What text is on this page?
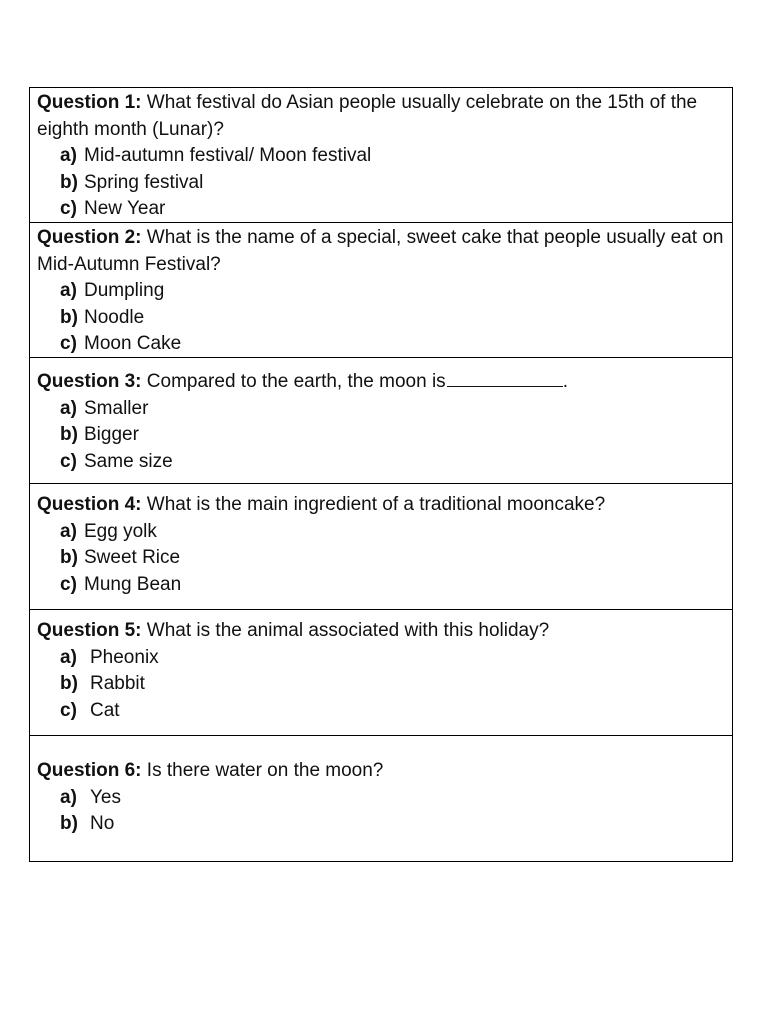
Question 1: What festival do Asian people usually celebrate on the 15th of the eighth month (Lunar)?
a) Mid-autumn festival/ Moon festival
b) Spring festival
c) New Year
Question 2: What is the name of a special, sweet cake that people usually eat on Mid-Autumn Festival?
a) Dumpling
b) Noodle
c) Moon Cake
Question 3: Compared to the earth, the moon is	.
a) Smaller
b) Bigger
c) Same size
Question 4: What is the main ingredient of a traditional mooncake?
a) Egg yolk
b) Sweet Rice
c) Mung Bean
Question 5: What is the animal associated with this holiday?
a) Pheonix
b) Rabbit
c) Cat
Question 6: Is there water on the moon?
a) Yes
b) No
